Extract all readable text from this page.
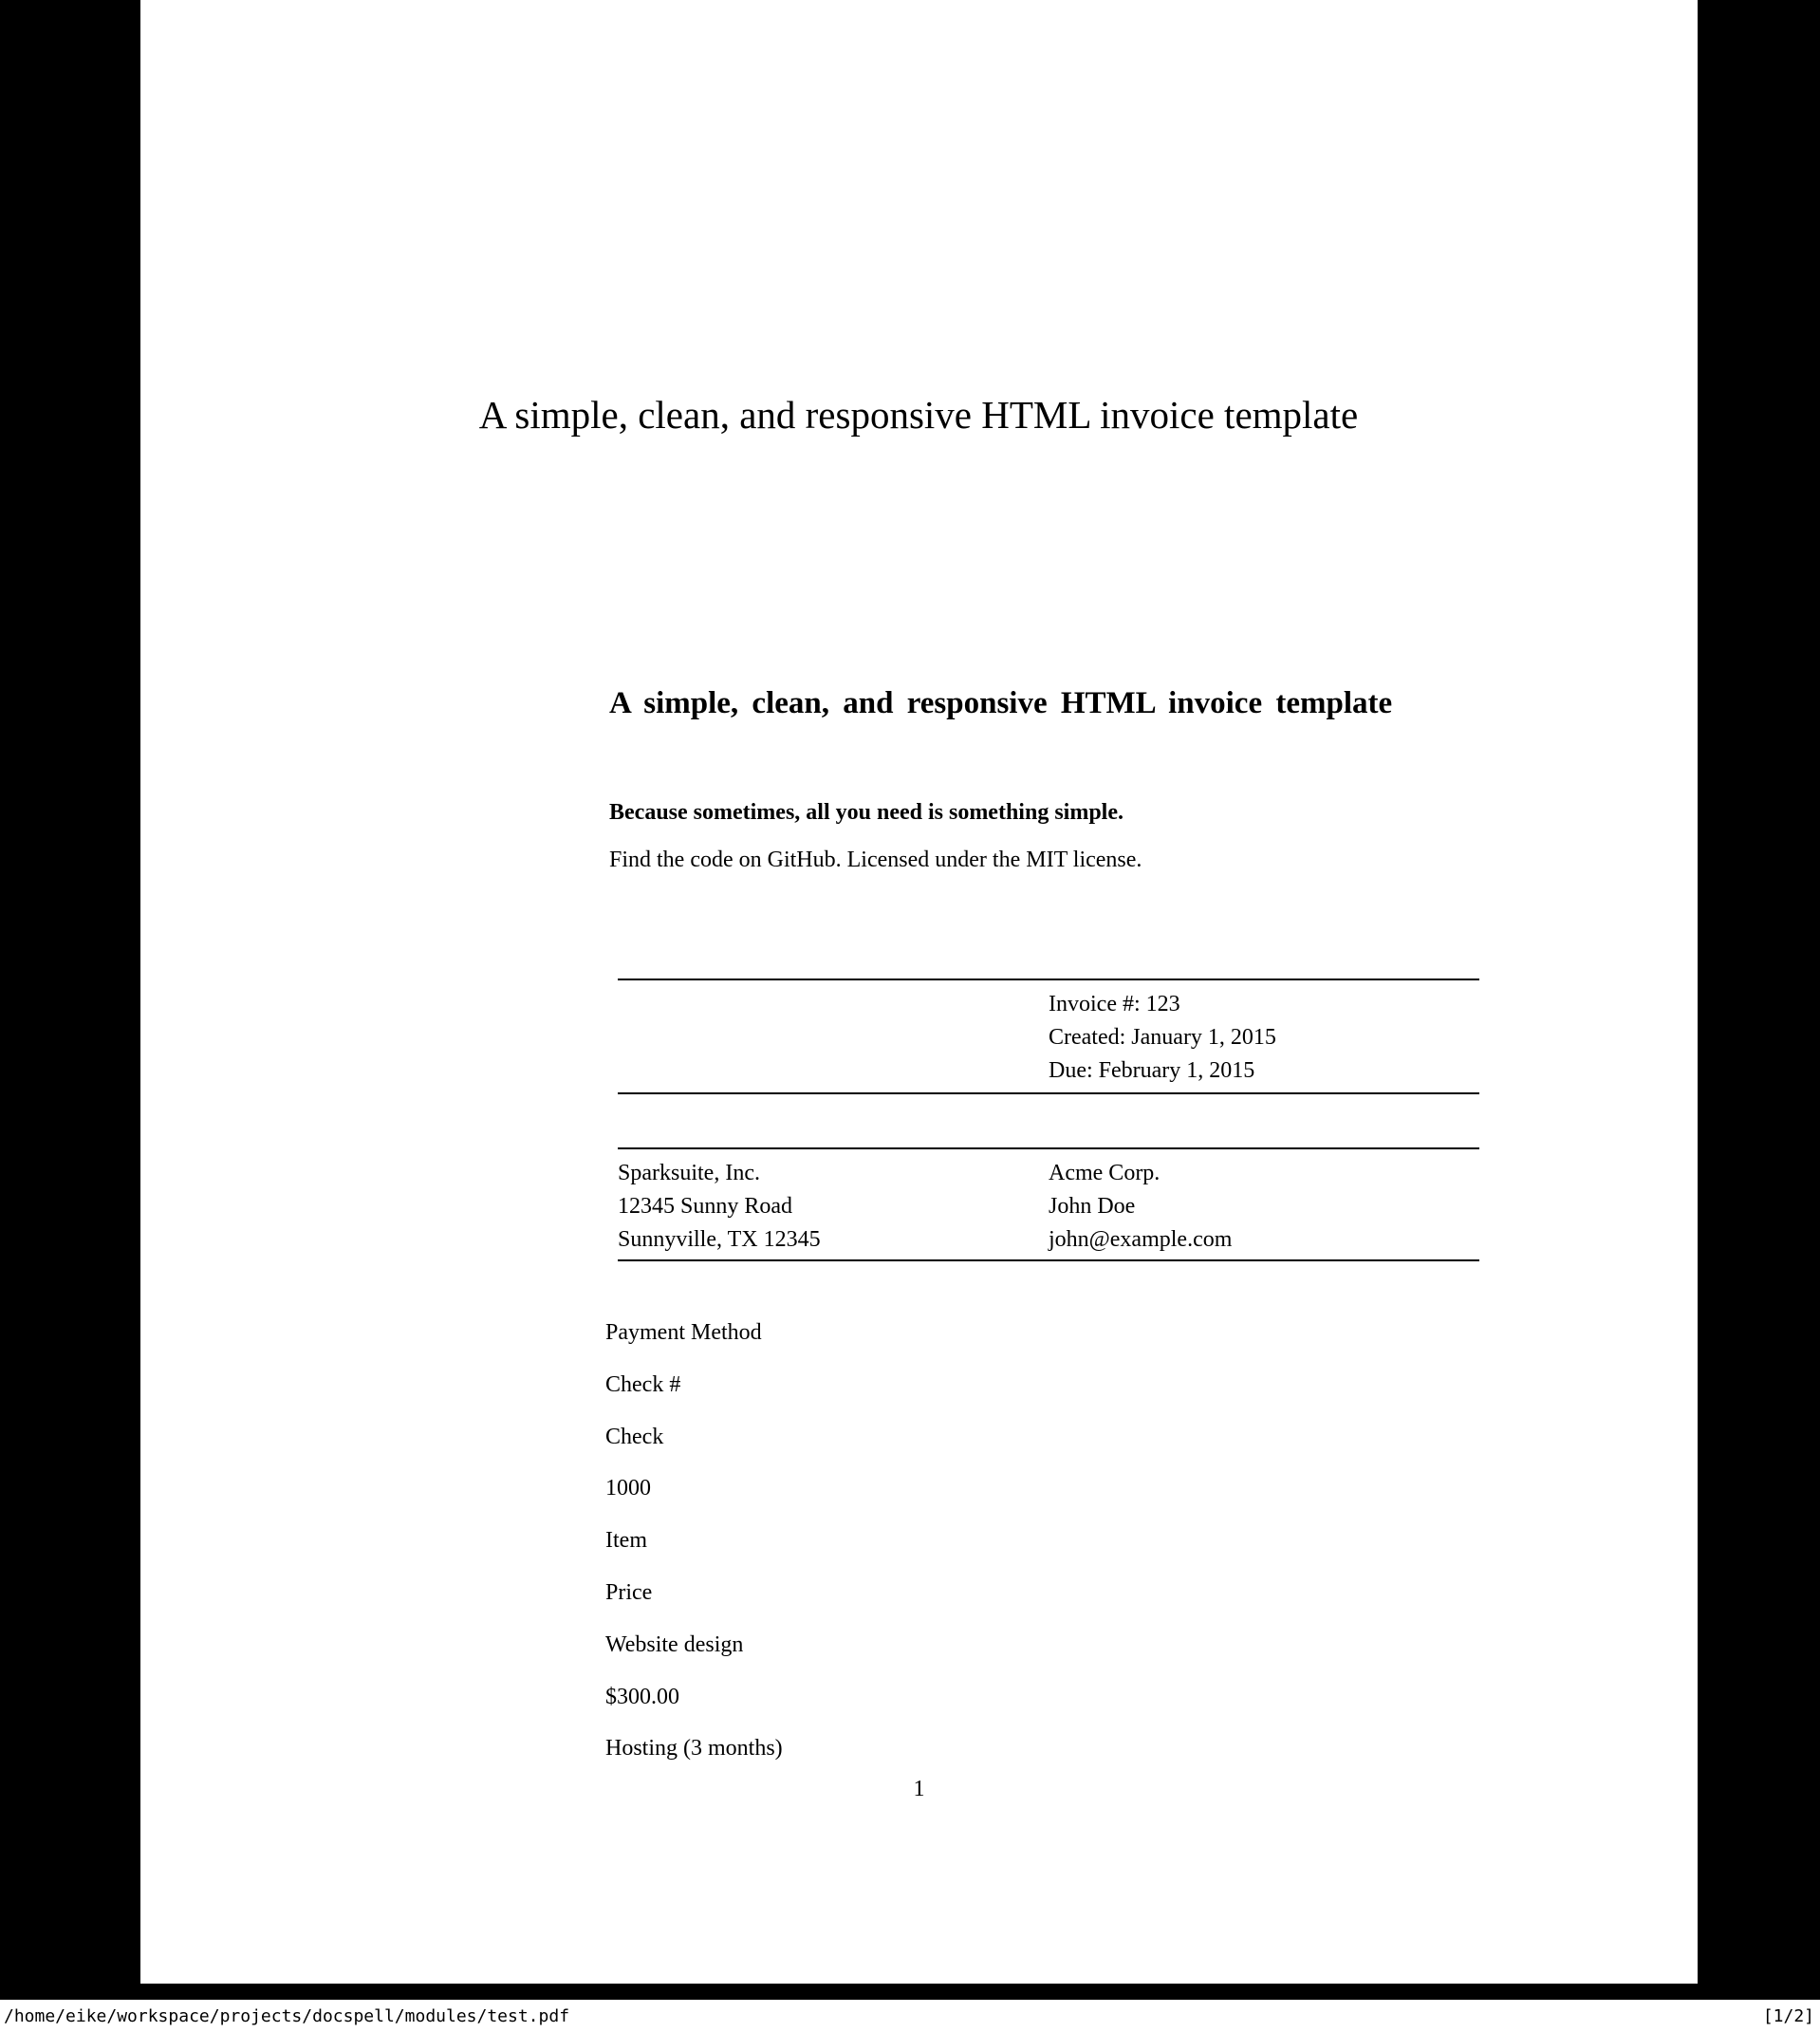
A simple, clean, and responsive HTML invoice template
A simple, clean, and responsive HTML invoice template
Because sometimes, all you need is something simple.
Find the code on GitHub. Licensed under the MIT license.
Invoice #: 123
Created: January 1, 2015
Due: February 1, 2015
Sparksuite, Inc.
12345 Sunny Road
Sunnyville, TX 12345
Acme Corp.
John Doe
john@example.com
Payment Method
Check #
Check
1000
Item
Price
Website design
$300.00
Hosting (3 months)
1
/home/eike/workspace/projects/docspell/modules/test.pdf	[1/2]
